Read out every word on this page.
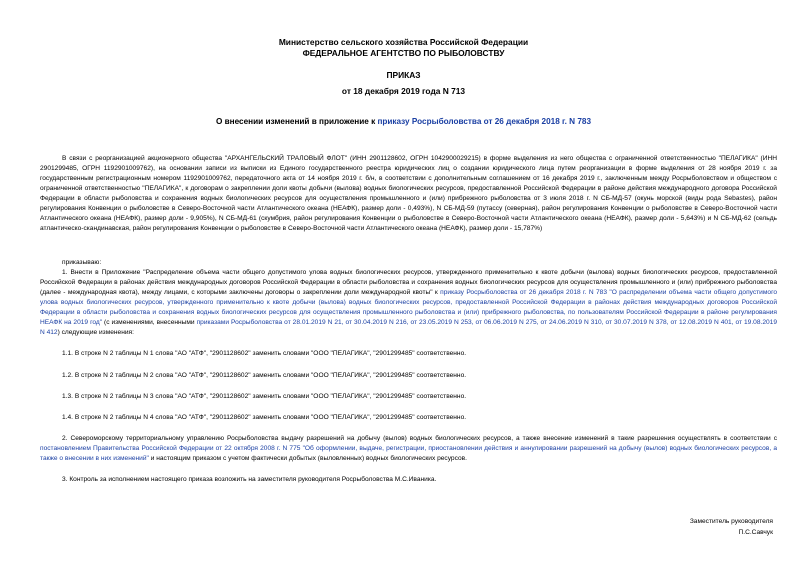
Министерство сельского хозяйства Российской Федерации
ФЕДЕРАЛЬНОЕ АГЕНТСТВО ПО РЫБОЛОВСТВУ
ПРИКАЗ
от 18 декабря 2019 года N 713
О внесении изменений в приложение к приказу Росрыболовства от 26 декабря 2018 г. N 783
В связи с реорганизацией акционерного общества "АРХАНГЕЛЬСКИЙ ТРАЛОВЫЙ ФЛОТ" (ИНН 2901128602, ОГРН 1042900029215) в форме выделения из него общества с ограниченной ответственностью "ПЕЛАГИКА" (ИНН 2901299485, ОГРН 1192901009762), на основании записи из выписки из Единого государственного реестра юридических лиц о создании юридического лица путем реорганизации в форме выделения от 28 ноября 2019 г. за государственным регистрационным номером 1192901009762, передаточного акта от 14 ноября 2019 г. б/н, в соответствии с дополнительным соглашением от 16 декабря 2019 г., заключенным между Росрыболовством и обществом с ограниченной ответственностью "ПЕЛАГИКА", к договорам о закреплении доли квоты добычи (вылова) водных биологических ресурсов, предоставленной Российской Федерации в районе действия международного договора Российской Федерации в области рыболовства и сохранения водных биологических ресурсов для осуществления промышленного и (или) прибрежного рыболовства от 3 июля 2018 г. N СБ-МД-57 (окунь морской (виды рода Sebastes), район регулирования Конвенции о рыболовстве в Северо-Восточной части Атлантического океана (НЕАФК), размер доли - 0,493%), N СБ-МД-59 (путассу (северная), район регулирования Конвенции о рыболовстве в Северо-Восточной части Атлантического океана (НЕАФК), размер доли - 9,905%), N СБ-МД-61 (скумбрия, район регулирования Конвенции о рыболовстве в Северо-Восточной части Атлантического океана (НЕАФК), размер доли - 5,643%) и N СБ-МД-62 (сельдь атлантическо-скандинавская, район регулирования Конвенции о рыболовстве в Северо-Восточной части Атлантического океана (НЕАФК), размер доли - 15,787%)
приказываю:
1. Внести в Приложение "Распределение объема части общего допустимого улова водных биологических ресурсов, утвержденного применительно к квоте добычи (вылова) водных биологических ресурсов, предоставленной Российской Федерации в районах действия международных договоров Российской Федерации в области рыболовства и сохранения водных биологических ресурсов для осуществления промышленного и (или) прибрежного рыболовства (далее - международная квота), между лицами, с которыми заключены договоры о закреплении доли международной квоты" к приказу Росрыболовства от 26 декабря 2018 г. N 783 "О распределении объема части общего допустимого улова водных биологических ресурсов, утвержденного применительно к квоте добычи (вылова) водных биологических ресурсов, предоставленной Российской Федерации в районах действия международных договоров Российской Федерации в области рыболовства и сохранения водных биологических ресурсов для осуществления промышленного рыболовства и (или) прибрежного рыболовства, по пользователям Российской Федерации в районе регулирования НЕАФК на 2019 год" (с изменениями, внесенными приказами Росрыболовства от 28.01.2019 N 21, от 30.04.2019 N 216, от 23.05.2019 N 253, от 06.06.2019 N 275, от 24.06.2019 N 310, от 30.07.2019 N 378, от 12.08.2019 N 401, от 19.08.2019 N 412) следующие изменения:
1.1. В строке N 2 таблицы N 1 слова "АО "АТФ", "2901128602" заменить словами "ООО "ПЕЛАГИКА", "2901299485" соответственно.
1.2. В строке N 2 таблицы N 2 слова "АО "АТФ", "2901128602" заменить словами "ООО "ПЕЛАГИКА", "2901299485" соответственно.
1.3. В строке N 2 таблицы N 3 слова "АО "АТФ", "2901128602" заменить словами "ООО "ПЕЛАГИКА", "2901299485" соответственно.
1.4. В строке N 2 таблицы N 4 слова "АО "АТФ", "2901128602" заменить словами "ООО "ПЕЛАГИКА", "2901299485" соответственно.
2. Североморскому территориальному управлению Росрыболовства выдачу разрешений на добычу (вылов) водных биологических ресурсов, а также внесение изменений в такие разрешения осуществлять в соответствии с постановлением Правительства Российской Федерации от 22 октября 2008 г. N 775 "Об оформлении, выдаче, регистрации, приостановлении действия и аннулировании разрешений на добычу (вылов) водных биологических ресурсов, а также о внесении в них изменений" и настоящим приказом с учетом фактически добытых (выловленных) водных биологических ресурсов.
3. Контроль за исполнением настоящего приказа возложить на заместителя руководителя Росрыболовства М.С.Иваника.
Заместитель руководителя
П.С.Савчук
